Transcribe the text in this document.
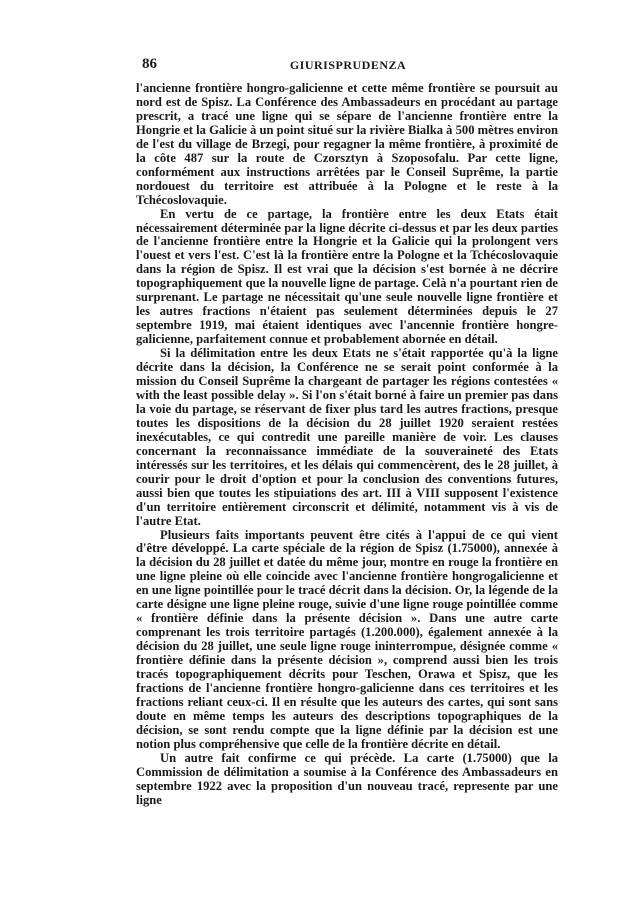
86	GIURISPRUDENZA

l'ancienne frontière hongro-galicienne et cette même frontière se poursuit au nord est de Spisz. La Conférence des Ambassadeurs en procédant au partage prescrit, a tracé une ligne qui se sépare de l'ancienne frontière entre la Hongrie et la Galicie à un point situé sur la rivière Bialka à 500 mètres environ de l'est du village de Brzegi, pour regagner la même frontière, à proximité de la côte 487 sur la route de Czorsztyn à Szoposofalu. Par cette ligne, conformément aux instructions arrêtées par le Conseil Suprême, la partie nordouest du territoire est attribuée à la Pologne et le reste à la Tchécoslovaquie.

En vertu de ce partage, la frontière entre les deux Etats était nécessairement déterminée par la ligne décrite ci-dessus et par les deux parties de l'ancienne frontière entre la Hongrie et la Galicie qui la prolongent vers l'ouest et vers l'est. C'est là la frontière entre la Pologne et la Tchécoslovaquie dans la région de Spisz. Il est vrai que la décision s'est bornée à ne décrire topographiquement que la nouvelle ligne de partage. Celà n'a pourtant rien de surprenant. Le partage ne nécessitait qu'une seule nouvelle ligne frontière et les autres fractions n'étaient pas seulement déterminées depuis le 27 septembre 1919, mai étaient identiques avec l'ancennie frontière hongre-galicienne, parfaitement connue et probablement abornée en détail.

Si la délimitation entre les deux Etats ne s'était rapportée qu'à la ligne décrite dans la décision, la Conférence ne se serait point conformée à la mission du Conseil Suprême la chargeant de partager les régions contestées « with the least possible delay ». Si l'on s'était borné à faire un premier pas dans la voie du partage, se réservant de fixer plus tard les autres fractions, presque toutes les dispositions de la décision du 28 juillet 1920 seraient restées inexécutables, ce qui contredit une pareille manière de voir. Les clauses concernant la reconnaissance immédiate de la souveraineté des Etats intéressés sur les territoires, et les délais qui commencèrent, des le 28 juillet, à courir pour le droit d'option et pour la conclusion des conventions futures, aussi bien que toutes les stipuiations des art. III à VIII supposent l'existence d'un territoire entièrement circonscrit et délimité, notamment vis à vis de l'autre Etat.

Plusieurs faits importants peuvent être cités à l'appui de ce qui vient d'être développé. La carte spéciale de la région de Spisz (1.75000), annexée à la décision du 28 juillet et datée du même jour, montre en rouge la frontière en une ligne pleine où elle coincide avec l'ancienne frontière hongrogalicienne et en une ligne pointillée pour le tracé décrit dans la décision. Or, la légende de la carte désigne une ligne pleine rouge, suivie d'une ligne rouge pointillée comme « frontière définie dans la présente décision ». Dans une autre carte comprenant les trois territoire partagés (1.200.000), également annexée à la décision du 28 juillet, une seule ligne rouge ininterrompue, désignée comme « frontière définie dans la présente décision », comprend aussi bien les trois tracés topographiquement décrits pour Teschen, Orawa et Spisz, que les fractions de l'ancienne frontière hongro-galicienne dans ces territoires et les fractions reliant ceux-ci. Il en résulte que les auteurs des cartes, qui sont sans doute en même temps les auteurs des descriptions topographiques de la décision, se sont rendu compte que la ligne définie par la décision est une notion plus compréhensive que celle de la frontière décrite en détail.

Un autre fait confirme ce qui précède. La carte (1.75000) que la Commission de délimitation a soumise à la Conférence des Ambassadeurs en septembre 1922 avec la proposition d'un nouveau tracé, represente par une ligne
